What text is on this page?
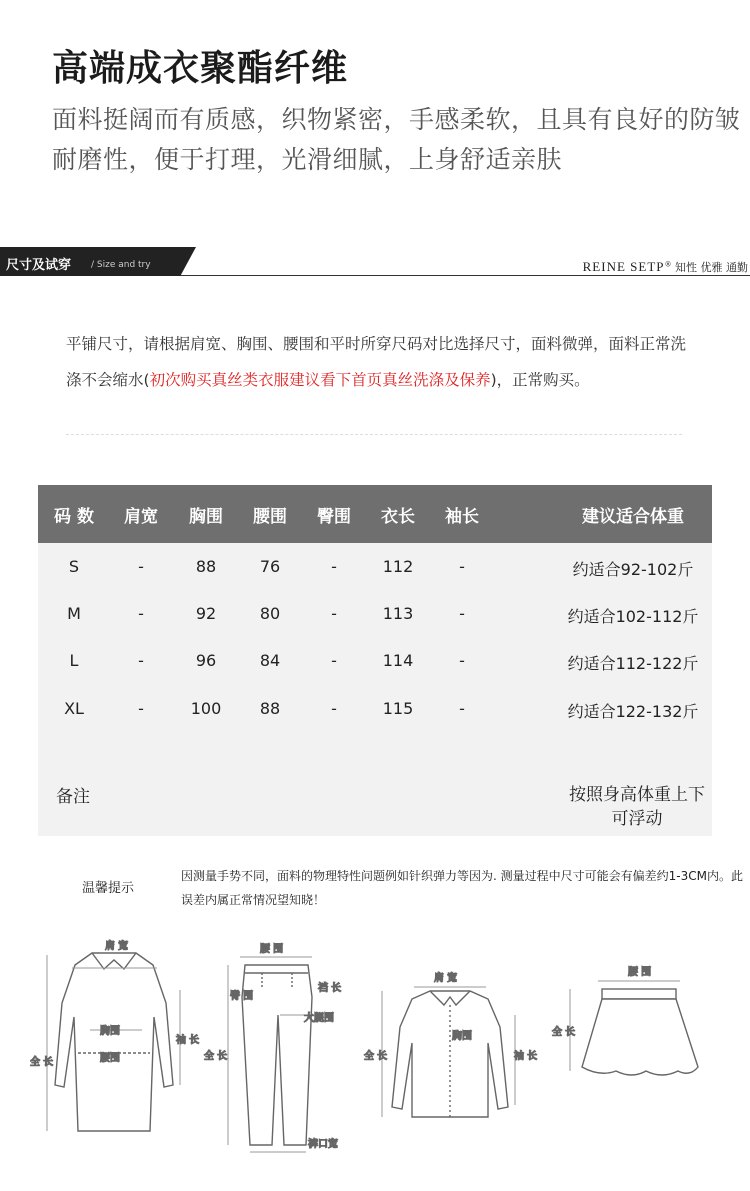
高端成衣聚酯纤维
面料挺阔而有质感，织物紧密，手感柔软，且具有良好的防皱耐磨性，便于打理，光滑细腻，上身舒适亲肤
尺寸及试穿 / Size and try	REINE SETP® 知性 优雅 通勤
平铺尺寸，请根据肩宽、胸围、腰围和平时所穿尺码对比选择尺寸，面料微弹，面料正常洗涤不会缩水(初次购买真丝类衣服建议看下首页真丝洗涤及保养)，正常购买。
码 数 肩宽 胸围 腰围 臀围 衣长 袖长	建议适合体重
S	-	88	76	-	112	-	约适合92-102斤
M	-	92	80	-	113	-	约适合102-112斤
L	-	96	84	-	114	-	约适合112-122斤
XL	-	100 88	-	115	-	约适合122-132斤
备注	按照身高体重上下可浮动
温馨提示
因测量手势不同，面料的物理特性问题例如针织弹力等因为. 测量过程中尺寸可能会有偏差约1-3CM内。此误差内属正常情况望知晓！
肩 宽
胸围
腰围
全 长
袖 长
腰 围
臀 围
裆 长
大腿围
全 长
裤口宽
肩 宽
胸围
全 长	袖 长
腰 围
全 长
